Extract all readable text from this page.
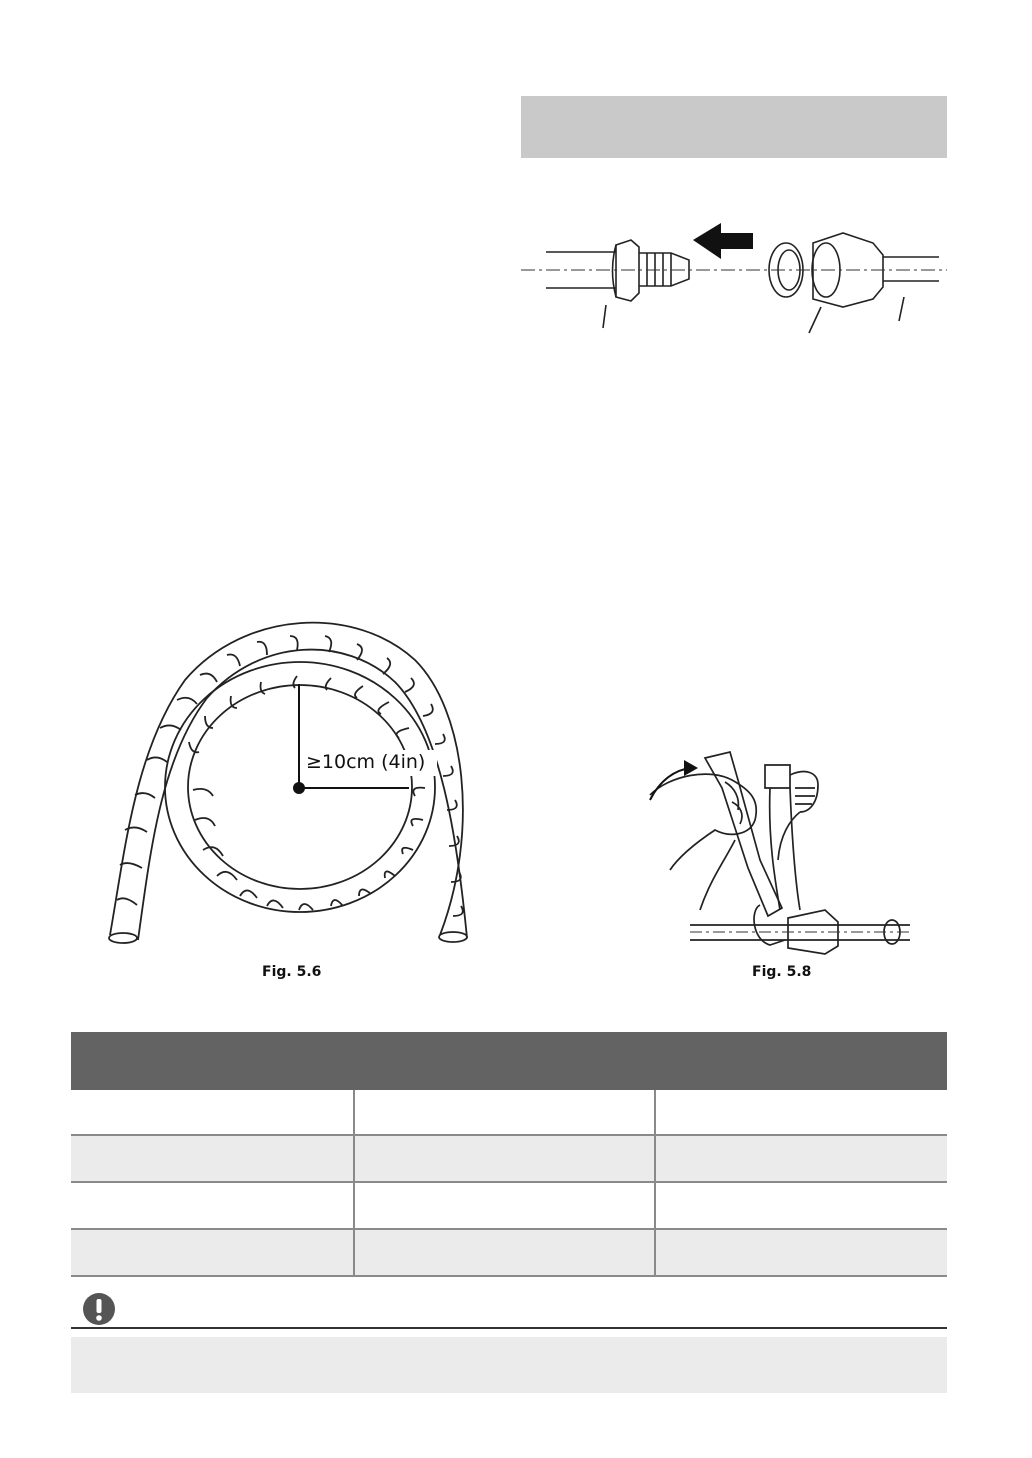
≥10cm (4in)
Fig. 5.6	Fig. 5.8
